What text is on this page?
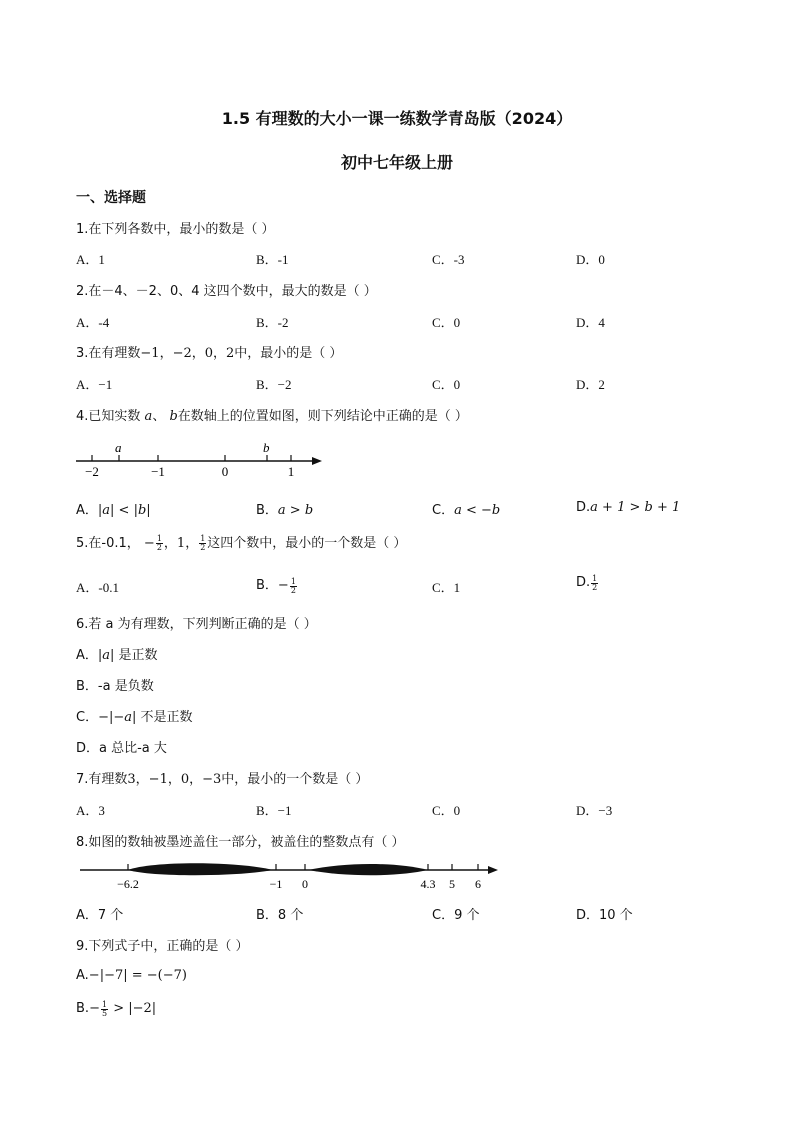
1.5 有理数的大小一课一练数学青岛版（2024）
初中七年级上册
一、选择题
1.在下列各数中，最小的数是（ ）
A．1	B．-1	C．-3	D．0
2.在－4、－2、0、4 这四个数中，最大的数是（ ）
A．-4	B．-2	C．0	D．4
3.在有理数−1，−2，0，2中，最小的是（ ）
A．−1	B．−2	C．0	D．2
4.已知实数 a、 b在数轴上的位置如图，则下列结论中正确的是（ ）
a	b
−2	−1	0	1
A．|a| < |b|	B．a > b	C．a < −b	D.a + 1 > b + 1
5.在-0.1， − $\frac{1}{2}$ ，1， $\frac{1}{2}$ 这四个数中，最小的一个数是（ ）
A．-0.1	B．− $\frac{1}{2}$	C．1	D. $\frac{1}{2}$
6.若 a 为有理数，下列判断正确的是（ ）
A．|a| 是正数
B．-a 是负数
C．−|−a| 不是正数
D．a 总比-a 大
7.有理数3，−1，0，−3中，最小的一个数是（ ）
A．3	B．−1	C．0	D．−3
8.如图的数轴被墨迹盖住一部分，被盖住的整数点有（ ）
−6.2	−1 0	4.3 5 6
A．7 个	B．8 个	C．9 个	D．10 个
9.下列式子中，正确的是（ ）
A.−|−7| = −(−7)
$B.- \frac{1}{5} > |-2|$
